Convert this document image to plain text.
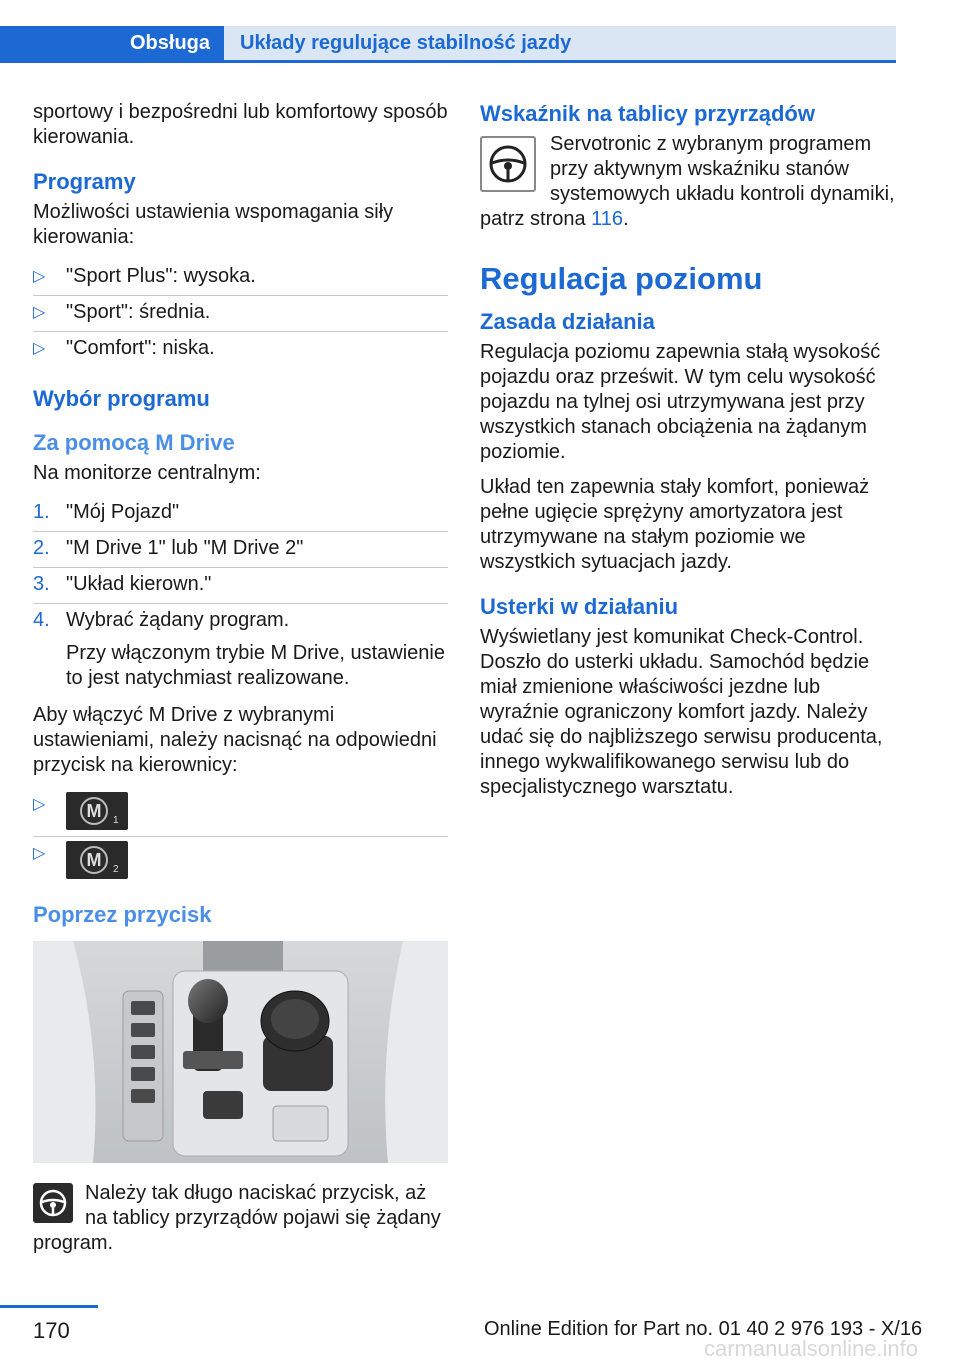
Obsługa Układy regulujące stabilność jazdy

sportowy i bezpośredni lub komfortowy sposób kierowania.

Programy

Możliwości ustawienia wspomagania siły kierowania:

▷ "Sport Plus": wysoka.
▷ "Sport": średnia.
▷ "Comfort": niska.
Wybór programu
Za pomocą M Drive

Na monitorze centralnym:

1. "Mój Pojazd"
2. "M Drive 1" lub "M Drive 2"
3. "Układ kierown."
4. Wybrać żądany program.
Przy włączonym trybie M Drive, ustawienie to jest natychmiast realizowane.

Aby włączyć M Drive z wybranymi ustawieniami, należy nacisnąć na odpowiedni przycisk na kierownicy:

▷ M 1
▷ M 2
Poprzez przycisk

Należy tak długo naciskać przycisk, aż na tablicy przyrządów pojawi się żądany program.

Wskaźnik na tablicy przyrządów

Servotronic z wybranym programem przy aktywnym wskaźniku stanów systemowych układu kontroli dynamiki, patrz strona 116.

Regulacja poziomu
Zasada działania

Regulacja poziomu zapewnia stałą wysokość pojazdu oraz prześwit. W tym celu wysokość pojazdu na tylnej osi utrzymywana jest przy wszystkich stanach obciążenia na żądanym poziomie.

Układ ten zapewnia stały komfort, ponieważ pełne ugięcie sprężyny amortyzatora jest utrzymywane na stałym poziomie we wszystkich sytuacjach jazdy.

Usterki w działaniu

Wyświetlany jest komunikat Check-Control. Doszło do usterki układu. Samochód będzie miał zmienione właściwości jezdne lub wyraźnie ograniczony komfort jazdy. Należy udać się do najbliższego serwisu producenta, innego wykwalifikowanego serwisu lub do specjalistycznego warsztatu.

170	Online Edition for Part no. 01 40 2 976 193 - X/16
carmanualsonline.info
